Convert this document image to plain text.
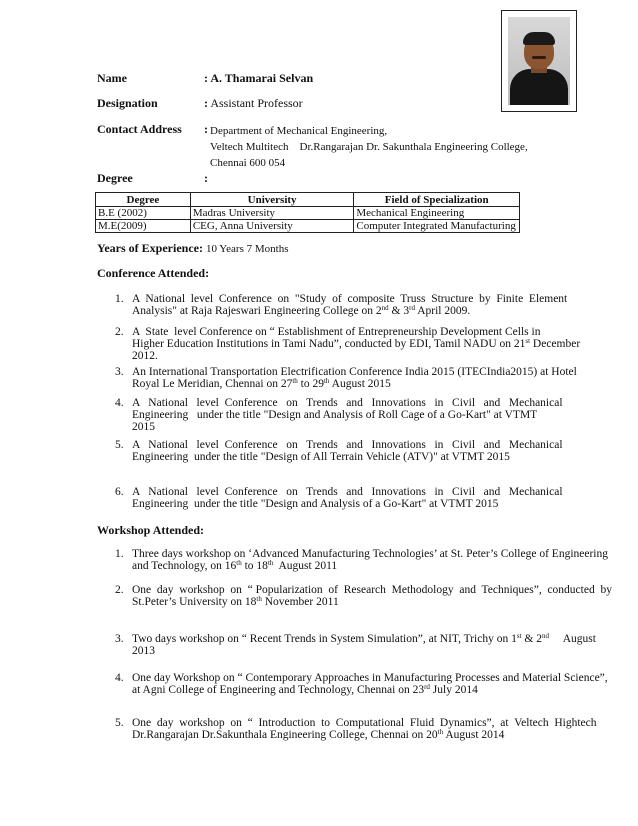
Name	: A. Thamarai Selvan
Designation	: Assistant Professor
Contact Address : Department of Mechanical Engineering,
Veltech Multitech    Dr.Rangarajan Dr. Sakunthala Engineering College,
Chennai 600 054
Degree	:
Degree	University	Field of Specialization
B.E (2002)	Madras University	Mechanical Engineering
M.E(2009)	CEG, Anna University	Computer Integrated Manufacturing
Years of Experience: 10 Years 7 Months
Conference Attended:
1. A  National  level  Conference  on  "Study  of  composite  Truss  Structure  by  Finite  Element
Analysis" at Raja Rajeswari Engineering College on 2nd & 3rd April 2009.
2. A  State  level Conference on “ Establishment of Entrepreneurship Development Cells in
Higher Education Institutions in Tami Nadu”, conducted by EDI, Tamil NADU on 21st December
2012.
3. An International Transportation Electrification Conference India 2015 (ITECIndia2015) at Hotel
Royal Le Meridian, Chennai on 27th to 29th August 2015
4. A   National   level  Conference   on   Trends   and   Innovations   in   Civil   and   Mechanical
Engineering   under the title "Design and Analysis of Roll Cage of a Go-Kart" at VTMT
2015
5. A   National   level  Conference   on   Trends   and   Innovations   in   Civil   and   Mechanical
Engineering  under the title "Design of All Terrain Vehicle (ATV)" at VTMT 2015
6. A   National   level  Conference   on   Trends   and   Innovations   in   Civil   and   Mechanical
Engineering  under the title "Design and Analysis of a Go-Kart" at VTMT 2015
Workshop Attended:
1. Three days workshop on ‘Advanced Manufacturing Technologies’ at St. Peter’s College of Engineering
and Technology, on 16th to 18th  August 2011
2. One  day  workshop  on  “ Popularization  of  Research  Methodology  and  Techniques”,  conducted  by
St.Peter’s University on 18th November 2011
3. Two days workshop on “ Recent Trends in System Simulation”, at NIT, Trichy on 1st & 2nd     August
2013
4. One day Workshop on “ Contemporary Approaches in Manufacturing Processes and Material Science”,
at Agni College of Engineering and Technology, Chennai on 23rd July 2014
5. One  day  workshop  on  “  Introduction  to  Computational  Fluid  Dynamics”,  at  Veltech  Hightech
Dr.Rangarajan Dr.Sakunthala Engineering College, Chennai on 20th August 2014
